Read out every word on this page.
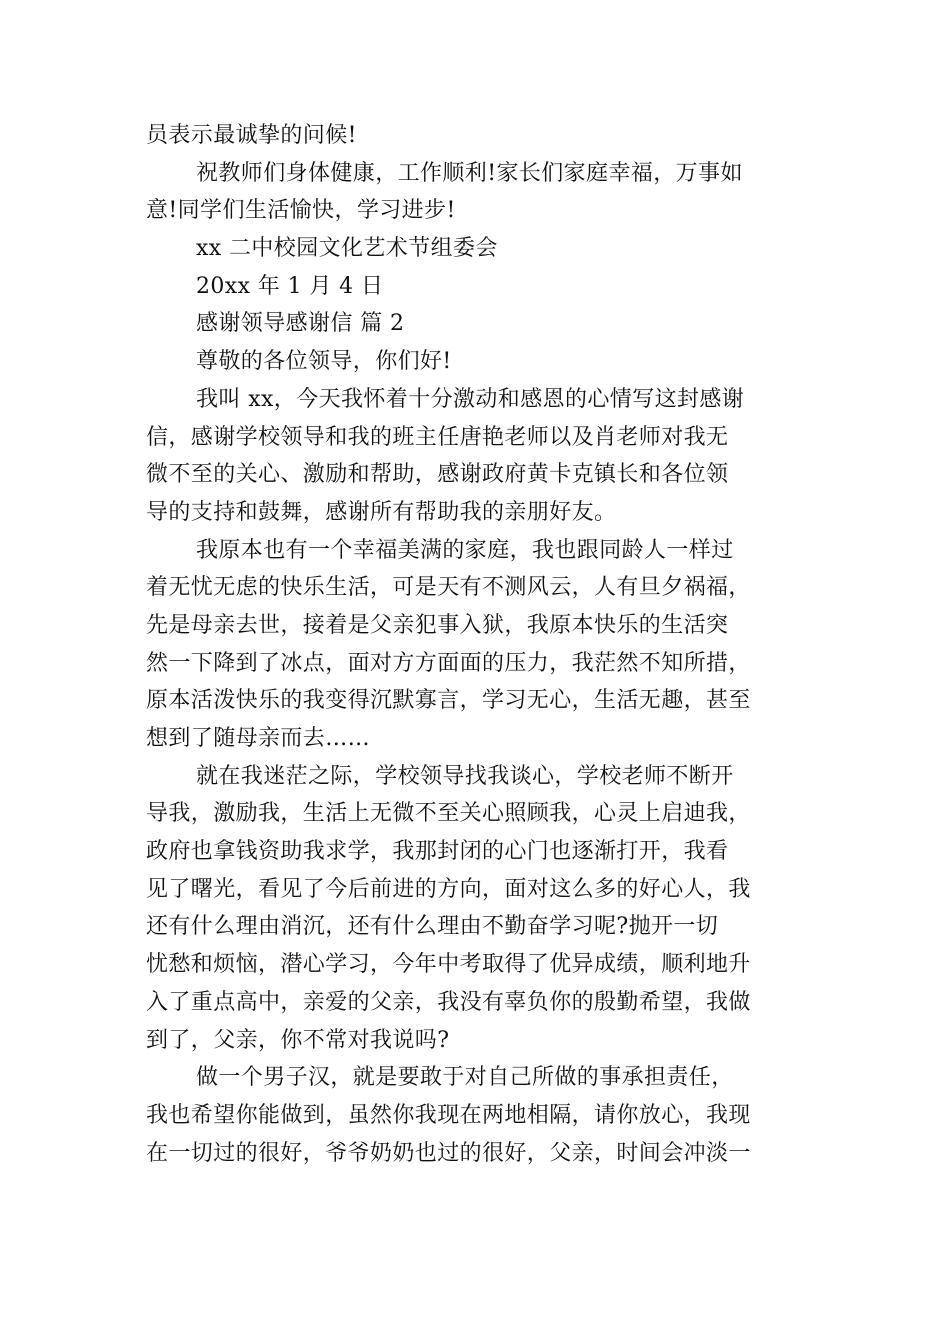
员表示最诚挚的问候!
祝教师们身体健康，工作顺利!家长们家庭幸福，万事如
意!同学们生活愉快，学习进步!
xx 二中校园文化艺术节组委会
20xx 年 1 月 4 日
感谢领导感谢信 篇 2
尊敬的各位领导，你们好!
我叫 xx，今天我怀着十分激动和感恩的心情写这封感谢
信，感谢学校领导和我的班主任唐艳老师以及肖老师对我无
微不至的关心、激励和帮助，感谢政府黄卡克镇长和各位领
导的支持和鼓舞，感谢所有帮助我的亲朋好友。
我原本也有一个幸福美满的家庭，我也跟同龄人一样过
着无忧无虑的快乐生活，可是天有不测风云，人有旦夕祸福，
先是母亲去世，接着是父亲犯事入狱，我原本快乐的生活突
然一下降到了冰点，面对方方面面的压力，我茫然不知所措，
原本活泼快乐的我变得沉默寡言，学习无心，生活无趣，甚至
想到了随母亲而去……
就在我迷茫之际，学校领导找我谈心，学校老师不断开
导我，激励我，生活上无微不至关心照顾我，心灵上启迪我，
政府也拿钱资助我求学，我那封闭的心门也逐渐打开，我看
见了曙光，看见了今后前进的方向，面对这么多的好心人，我
还有什么理由消沉，还有什么理由不勤奋学习呢?抛开一切
忧愁和烦恼，潜心学习，今年中考取得了优异成绩，顺利地升
入了重点高中，亲爱的父亲，我没有辜负你的殷勤希望，我做
到了，父亲，你不常对我说吗?
做一个男子汉，就是要敢于对自己所做的事承担责任，
我也希望你能做到，虽然你我现在两地相隔，请你放心，我现
在一切过的很好，爷爷奶奶也过的很好，父亲，时间会冲淡一
